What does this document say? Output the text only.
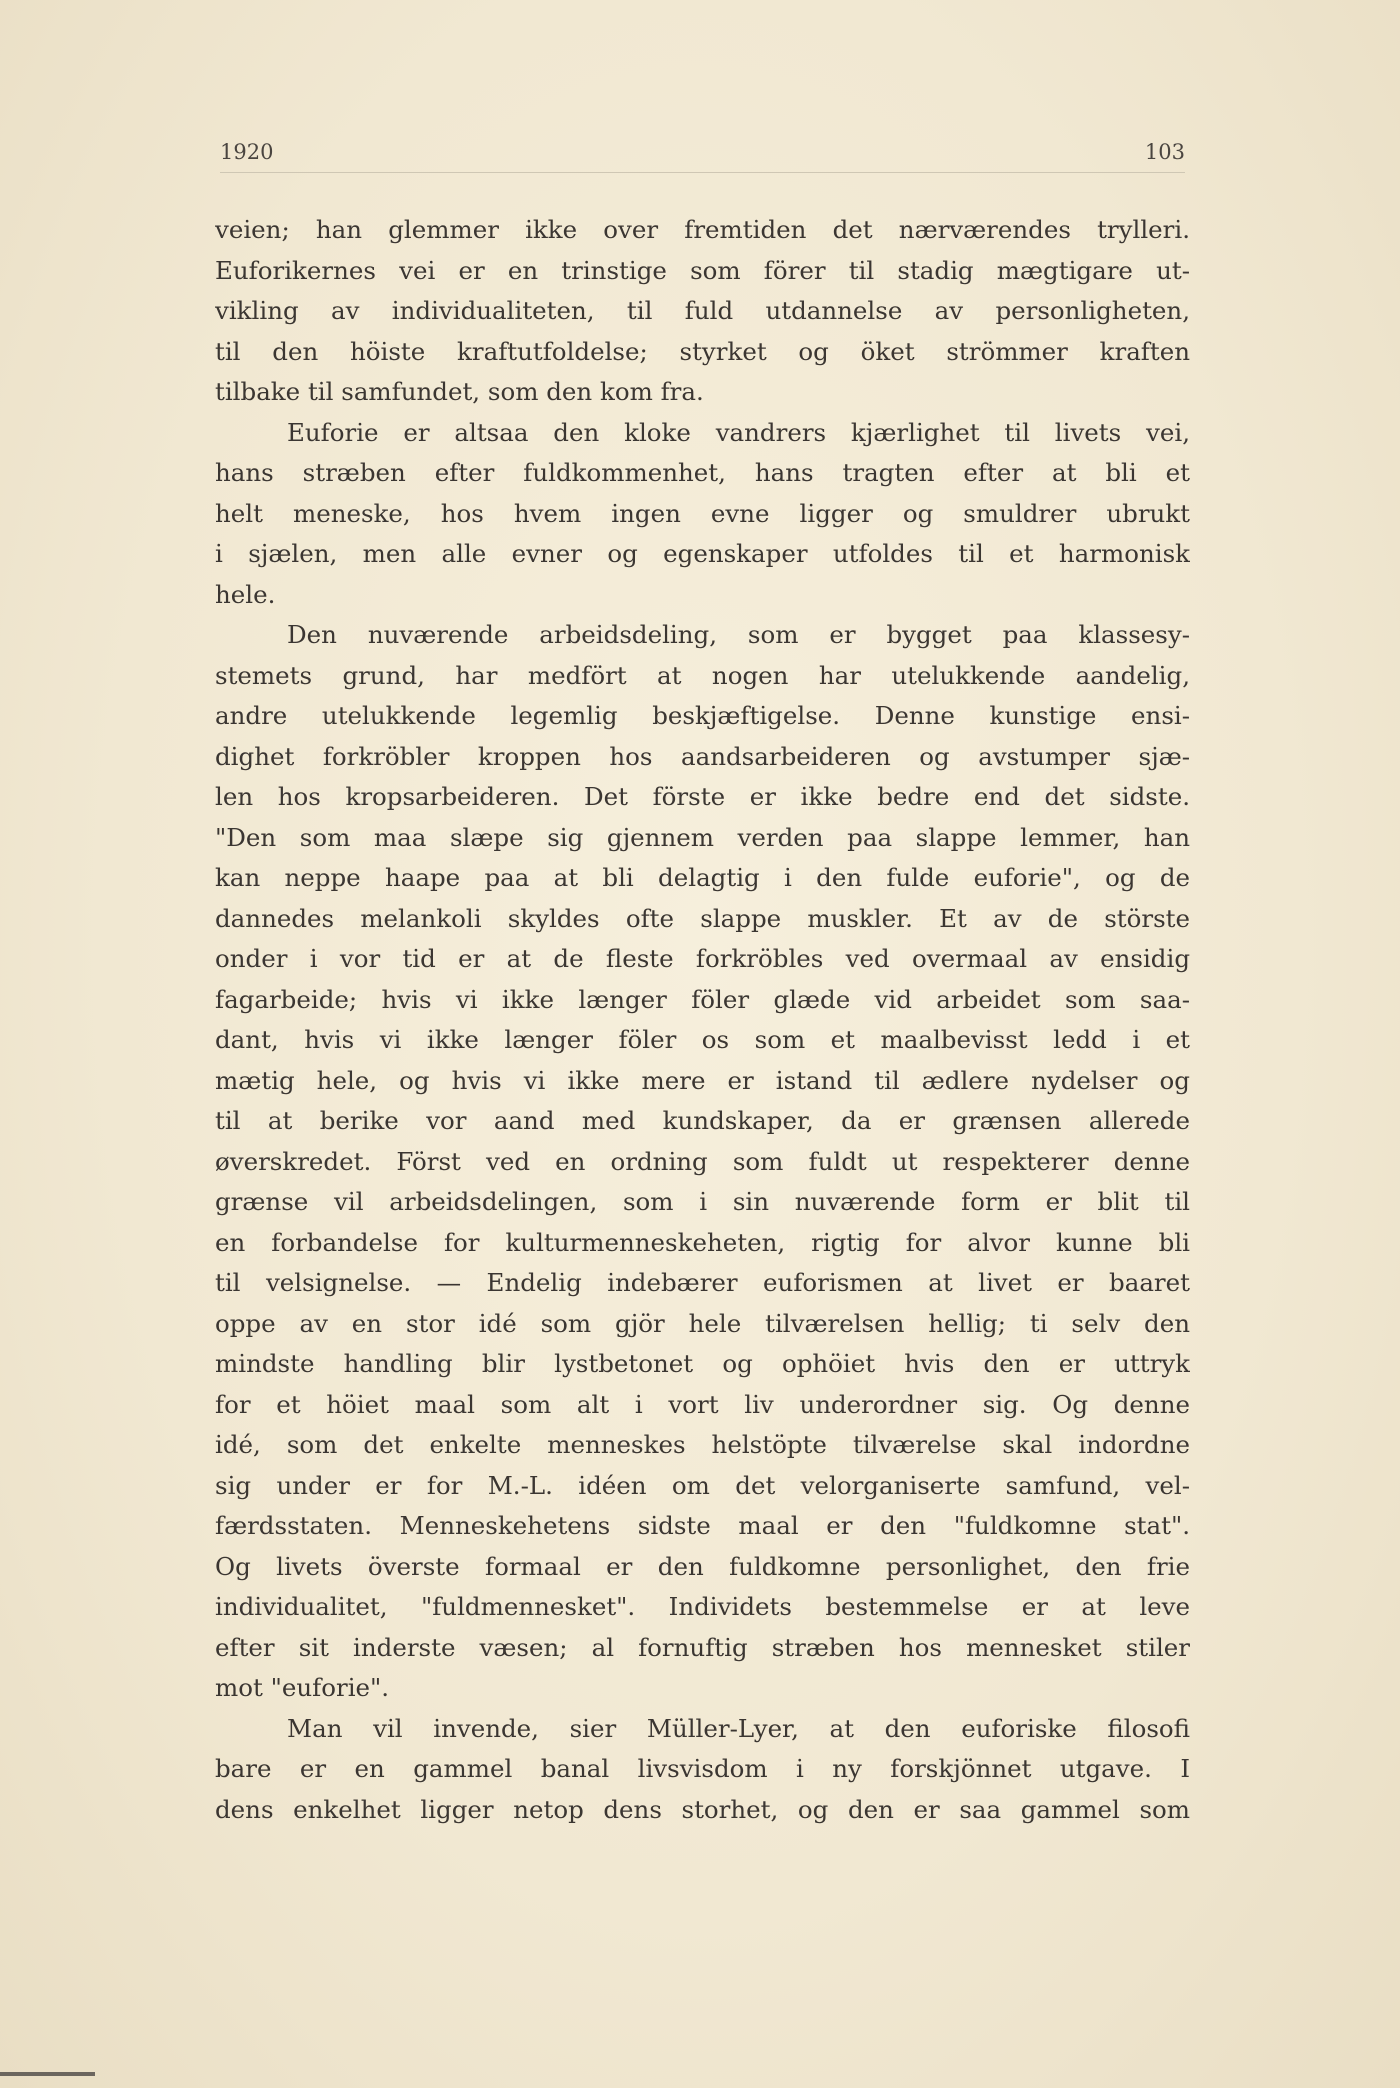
1920	103
veien; han glemmer ikke over fremtiden det nærværendes trylleri.
Euforikernes vei er en trinstige som förer til stadig mægtigare ut-
vikling av individualiteten, til fuld utdannelse av personligheten,
til den höiste kraftutfoldelse; styrket og öket strömmer kraften
tilbake til samfundet, som den kom fra.
Euforie er altsaa den kloke vandrers kjærlighet til livets vei,
hans stræben efter fuldkommenhet, hans tragten efter at bli et
helt meneske, hos hvem ingen evne ligger og smuldrer ubrukt
i sjælen, men alle evner og egenskaper utfoldes til et harmonisk
hele.
Den nuværende arbeidsdeling, som er bygget paa klassesy-
stemets grund, har medfört at nogen har utelukkende aandelig,
andre utelukkende legemlig beskjæftigelse. Denne kunstige ensi-
dighet forkröbler kroppen hos aandsarbeideren og avstumper sjæ-
len hos kropsarbeideren. Det förste er ikke bedre end det sidste.
"Den som maa slæpe sig gjennem verden paa slappe lemmer, han
kan neppe haape paa at bli delagtig i den fulde euforie", og de
dannedes melankoli skyldes ofte slappe muskler. Et av de störste
onder i vor tid er at de fleste forkröbles ved overmaal av ensidig
fagarbeide; hvis vi ikke længer föler glæde vid arbeidet som saa-
dant, hvis vi ikke længer föler os som et maalbevisst ledd i et
mætig hele, og hvis vi ikke mere er istand til ædlere nydelser og
til at berike vor aand med kundskaper, da er grænsen allerede
øverskredet. Först ved en ordning som fuldt ut respekterer denne
grænse vil arbeidsdelingen, som i sin nuværende form er blit til
en forbandelse for kulturmenneskeheten, rigtig for alvor kunne bli
til velsignelse. — Endelig indebærer euforismen at livet er baaret
oppe av en stor idé som gjör hele tilværelsen hellig; ti selv den
mindste handling blir lystbetonet og ophöiet hvis den er uttryk
for et höiet maal som alt i vort liv underordner sig. Og denne
idé, som det enkelte menneskes helstöpte tilværelse skal indordne
sig under er for M.-L. idéen om det velorganiserte samfund, vel-
færdsstaten. Menneskehetens sidste maal er den "fuldkomne stat".
Og livets överste formaal er den fuldkomne personlighet, den frie
individualitet, "fuldmennesket". Individets bestemmelse er at leve
efter sit inderste væsen; al fornuftig stræben hos mennesket stiler
mot "euforie".
Man vil invende, sier Müller-Lyer, at den euforiske filosofi
bare er en gammel banal livsvisdom i ny forskjönnet utgave. I
dens enkelhet ligger netop dens storhet, og den er saa gammel som
